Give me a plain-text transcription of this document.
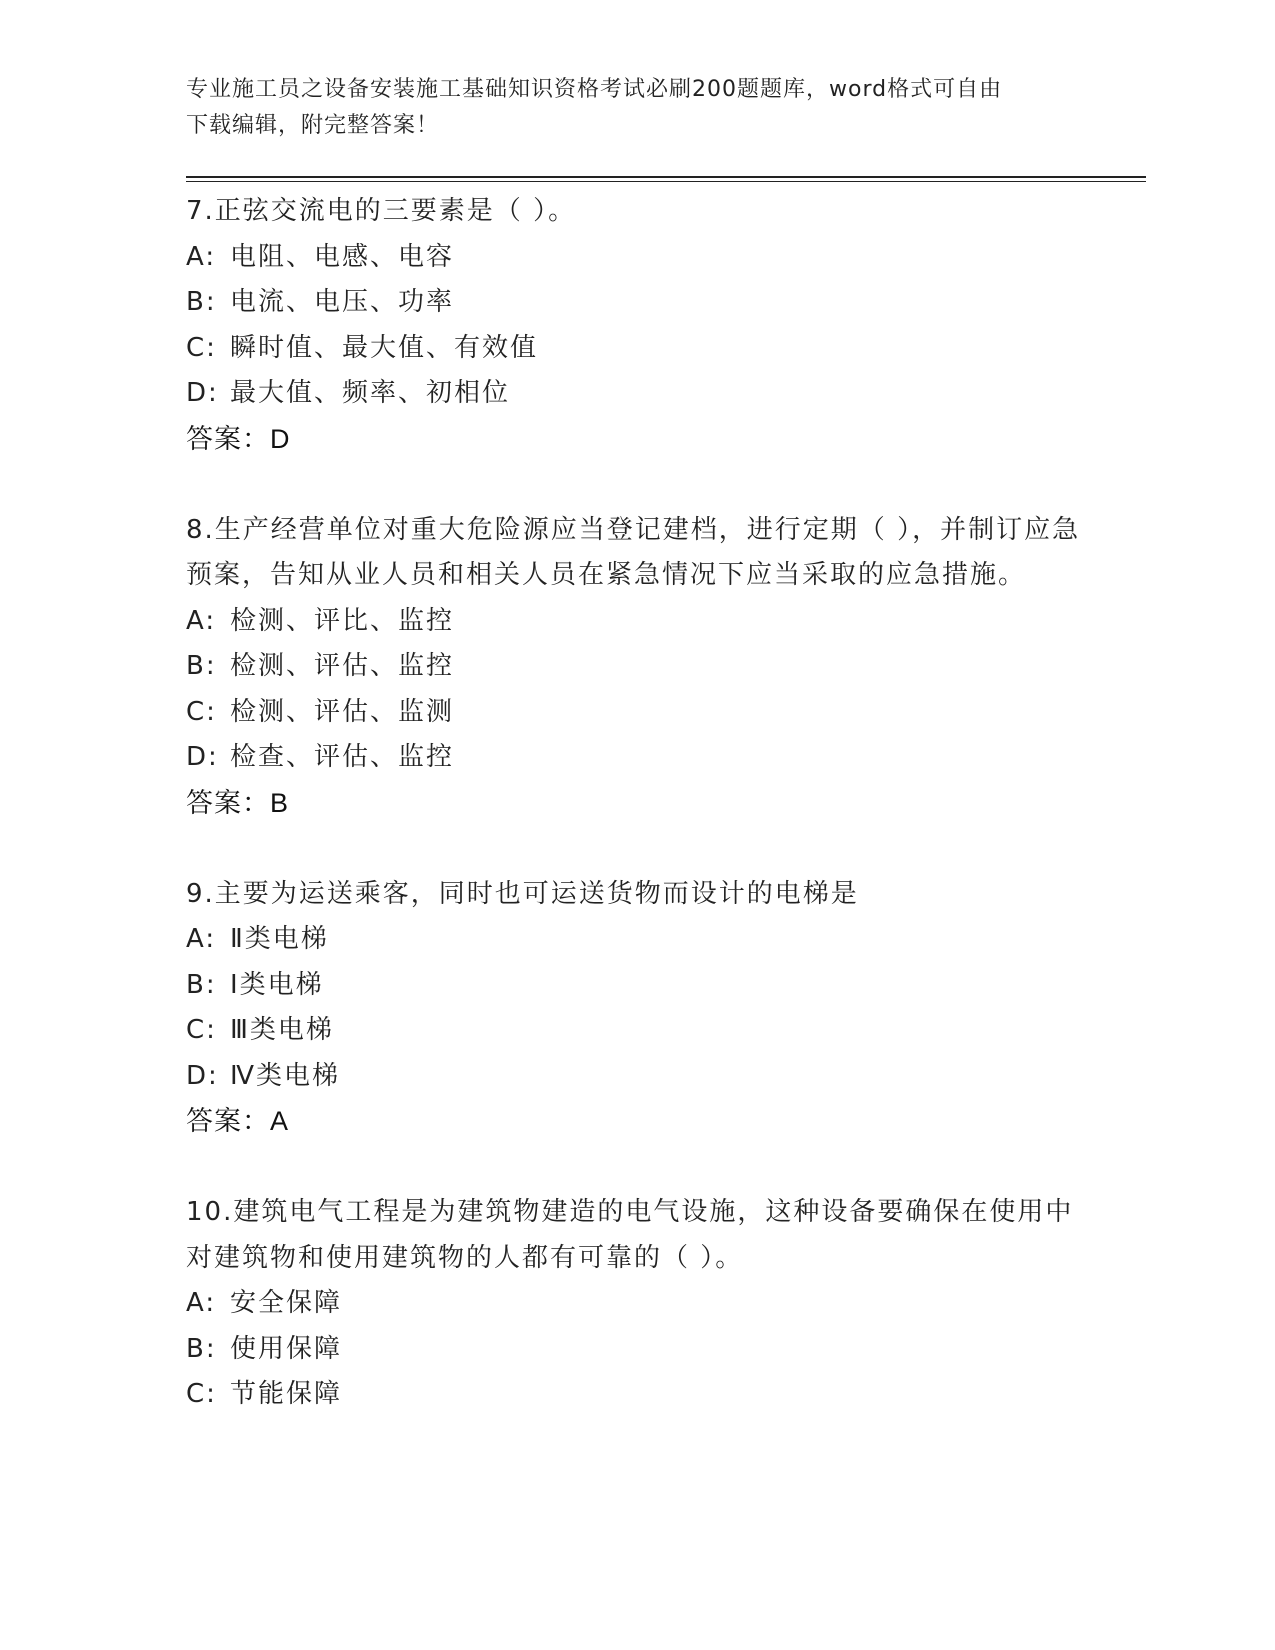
专业施工员之设备安装施工基础知识资格考试必刷200题题库，word格式可自由
下载编辑，附完整答案！

7.正弦交流电的三要素是（ ）。

A: 电阻、电感、电容

B: 电流、电压、功率

C: 瞬时值、最大值、有效值

D: 最大值、频率、初相位

答案：D

8.生产经营单位对重大危险源应当登记建档，进行定期（ ），并制订应急预案，告知从业人员和相关人员在紧急情况下应当采取的应急措施。

A: 检测、评比、监控

B: 检测、评估、监控

C: 检测、评估、监测

D: 检查、评估、监控

答案：B

9.主要为运送乘客，同时也可运送货物而设计的电梯是

A: Ⅱ类电梯

B: Ⅰ类电梯

C: Ⅲ类电梯

D: Ⅳ类电梯

答案：A

10.建筑电气工程是为建筑物建造的电气设施，这种设备要确保在使用中对建筑物和使用建筑物的人都有可靠的（ ）。

A: 安全保障

B: 使用保障

C: 节能保障
